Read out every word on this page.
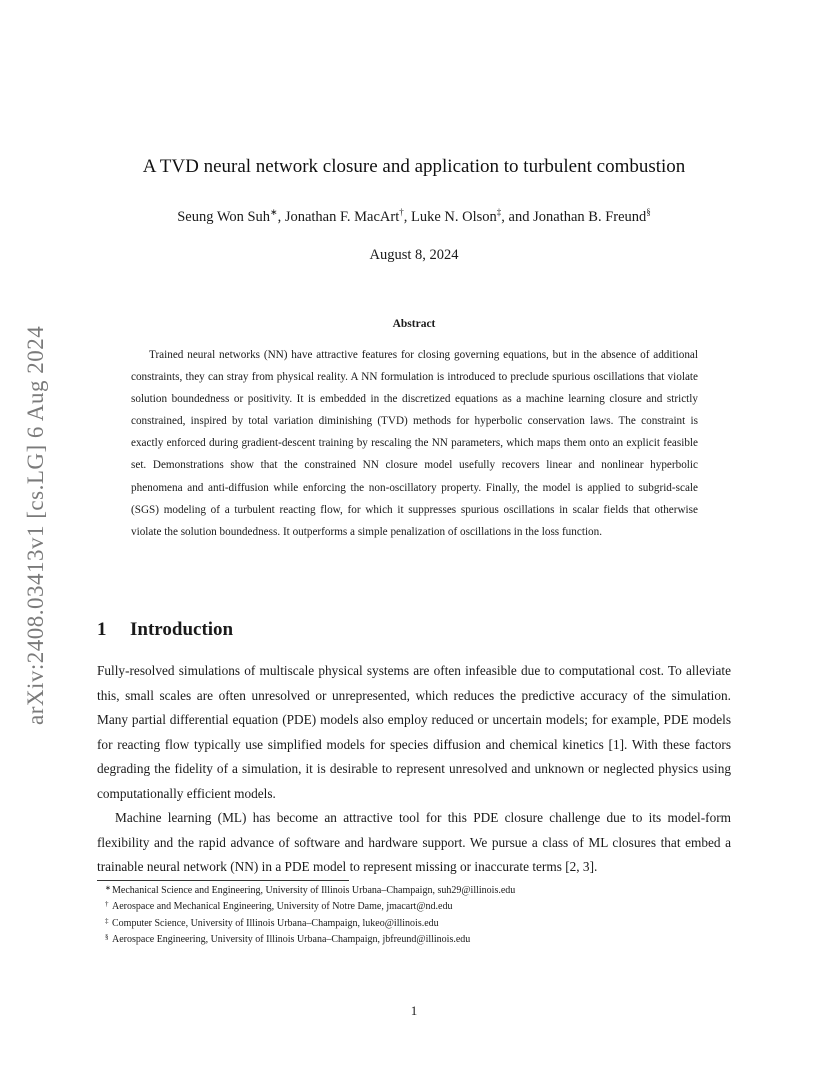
arXiv:2408.03413v1 [cs.LG] 6 Aug 2024
A TVD neural network closure and application to turbulent combustion
Seung Won Suh∗, Jonathan F. MacArt†, Luke N. Olson‡, and Jonathan B. Freund§
August 8, 2024
Abstract
Trained neural networks (NN) have attractive features for closing governing equations, but in the absence of additional constraints, they can stray from physical reality. A NN formulation is introduced to preclude spurious oscillations that violate solution boundedness or positivity. It is embedded in the discretized equations as a machine learning closure and strictly constrained, inspired by total variation diminishing (TVD) methods for hyperbolic conservation laws. The constraint is exactly enforced during gradient-descent training by rescaling the NN parameters, which maps them onto an explicit feasible set. Demonstrations show that the constrained NN closure model usefully recovers linear and nonlinear hyperbolic phenomena and anti-diffusion while enforcing the non-oscillatory property. Finally, the model is applied to subgrid-scale (SGS) modeling of a turbulent reacting flow, for which it suppresses spurious oscillations in scalar fields that otherwise violate the solution boundedness. It outperforms a simple penalization of oscillations in the loss function.
1 Introduction

Fully-resolved simulations of multiscale physical systems are often infeasible due to computational cost. To alleviate this, small scales are often unresolved or unrepresented, which reduces the predictive accuracy of the simulation. Many partial differential equation (PDE) models also employ reduced or uncertain models; for example, PDE models for reacting flow typically use simplified models for species diffusion and chemical kinetics [1]. With these factors degrading the fidelity of a simulation, it is desirable to represent unresolved and unknown or neglected physics using computationally efficient models.

Machine learning (ML) has become an attractive tool for this PDE closure challenge due to its model-form flexibility and the rapid advance of software and hardware support. We pursue a class of ML closures that embed a trainable neural network (NN) in a PDE model to represent missing or inaccurate terms [2, 3].

∗ Mechanical Science and Engineering, University of Illinois Urbana–Champaign, suh29@illinois.edu
† Aerospace and Mechanical Engineering, University of Notre Dame, jmacart@nd.edu
‡ Computer Science, University of Illinois Urbana–Champaign, lukeo@illinois.edu
§ Aerospace Engineering, University of Illinois Urbana–Champaign, jbfreund@illinois.edu
1
